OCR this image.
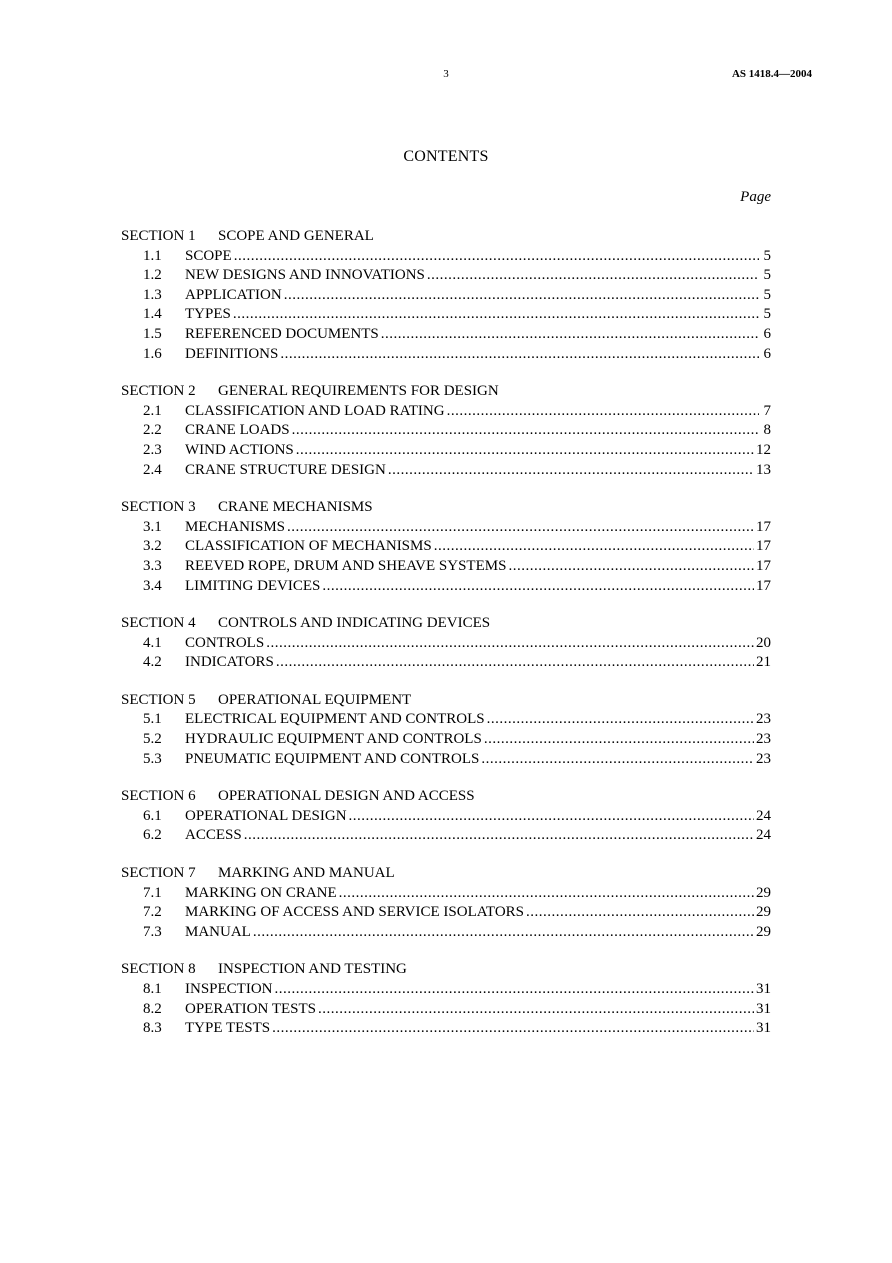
3	AS 1418.4—2004
CONTENTS
Page
SECTION 1	SCOPE AND GENERAL
1.1	SCOPE .....	5
1.2	NEW DESIGNS AND INNOVATIONS .....	5
1.3	APPLICATION .....	5
1.4	TYPES .....	5
1.5	REFERENCED DOCUMENTS .....	6
1.6	DEFINITIONS .....	6
SECTION 2	GENERAL REQUIREMENTS FOR DESIGN
2.1	CLASSIFICATION AND LOAD RATING .....	7
2.2	CRANE LOADS .....	8
2.3	WIND ACTIONS .....	12
2.4	CRANE STRUCTURE DESIGN .....	13
SECTION 3	CRANE MECHANISMS
3.1	MECHANISMS .....	17
3.2	CLASSIFICATION OF MECHANISMS .....	17
3.3	REEVED ROPE, DRUM AND SHEAVE SYSTEMS .....	17
3.4	LIMITING DEVICES .....	17
SECTION 4	CONTROLS AND INDICATING DEVICES
4.1	CONTROLS .....	20
4.2	INDICATORS .....	21
SECTION 5	OPERATIONAL EQUIPMENT
5.1	ELECTRICAL EQUIPMENT AND CONTROLS .....	23
5.2	HYDRAULIC EQUIPMENT AND CONTROLS .....	23
5.3	PNEUMATIC EQUIPMENT AND CONTROLS .....	23
SECTION 6	OPERATIONAL DESIGN AND ACCESS
6.1	OPERATIONAL DESIGN .....	24
6.2	ACCESS .....	24
SECTION 7	MARKING AND MANUAL
7.1	MARKING ON CRANE .....	29
7.2	MARKING OF ACCESS AND SERVICE ISOLATORS .....	29
7.3	MANUAL .....	29
SECTION 8	INSPECTION AND TESTING
8.1	INSPECTION .....	31
8.2	OPERATION TESTS .....	31
8.3	TYPE TESTS .....	31
